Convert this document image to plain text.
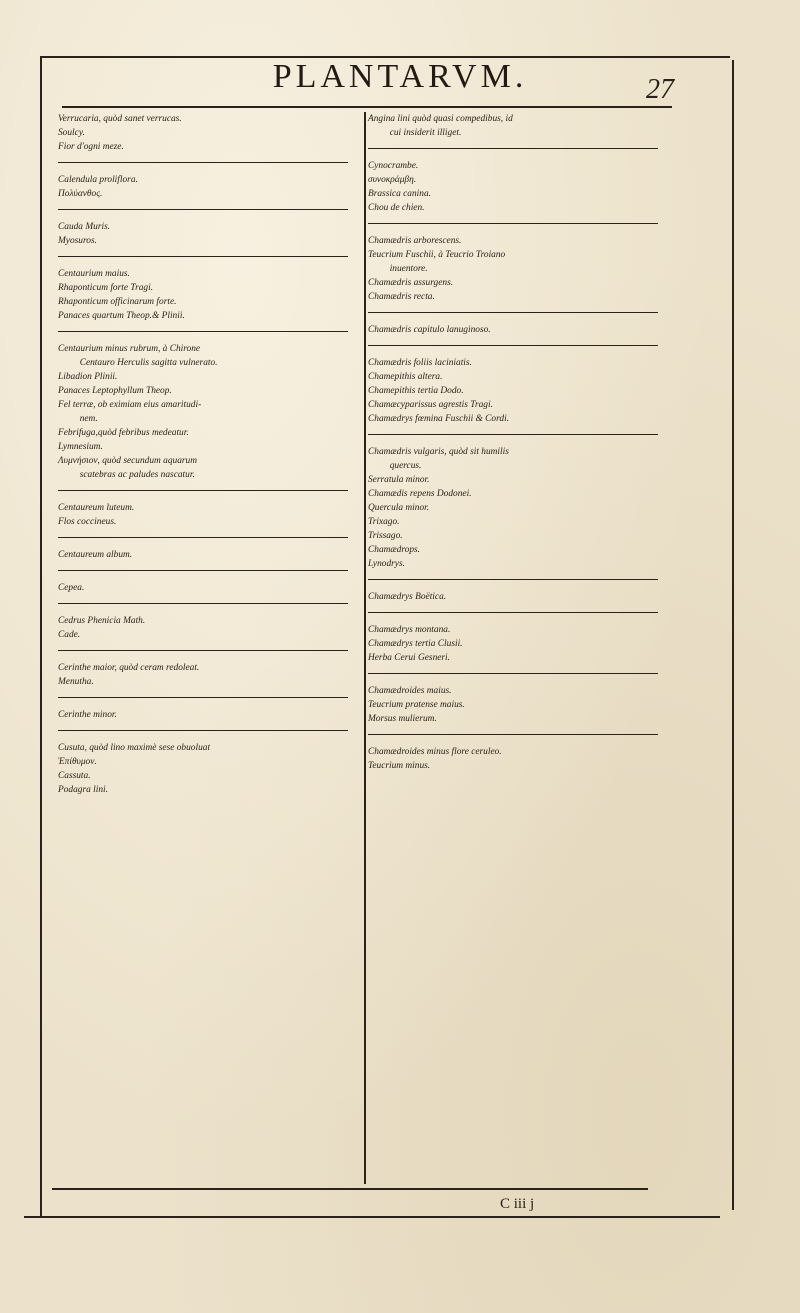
PLANTARVM.	27
Verrucaria, quòd sanet verrucas.
Soulcy.
Fior d'ogni meze.
Calendula proliflora.
Πολύανθος.
Cauda Muris.
Myosuros.
Centaurium maius.
Rhaponticum forte Tragi.
Rhaponticum officinarum forte.
Panaces quartum Theop.& Plinii.
Centaurium minus rubrum, à Chirone
Centauro Herculis sagitta vulnerato.
Libadion Plinii.
Panaces Leptophyllum Theop.
Fel terræ, ob eximiam eius amaritudi-
nem.
Febrifuga,quòd febribus medeatur.
Lymnesium.
Λυμνήσιον, quòd secundum aquarum
scatebras ac paludes nascatur.
Centaureum luteum.
Flos coccineus.
Centaureum album.
Cepea.
Cedrus Phenicia Math.
Cade.
Cerinthe maior, quòd ceram redoleat.
Menutha.
Cerinthe minor.
Cusuta, quòd lino maximè sese obuoluat
Ἐπίθυμον.
Cassuta.
Podagra lini.
Angina lini quòd quasi compedibus, id
cui insiderit illiget.
Cynocrambe.
συνοκράμβη.
Brassica canina.
Chou de chien.
Chamædris arborescens.
Teucrium Fuschii, à Teucrio Troiano
inuentore.
Chamædris assurgens.
Chamædris recta.
Chamædris capitulo lanuginoso.
Chamædris foliis laciniatis.
Chamepithis altera.
Chamepithis tertia Dodo.
Chamæcyparissus agrestis Tragi.
Chamædrys fœmina Fuschii & Cordi.
Chamædris vulgaris, quòd sit humilis
quercus.
Serratula minor.
Chamædis repens Dodonei.
Quercula minor.
Trixago.
Trissago.
Chamædrops.
Lynodrys.
Chamædrys Boëtica.
Chamædrys montana.
Chamædrys tertia Clusii.
Herba Cerui Gesneri.
Chamædroides maius.
Teucrium pratense maius.
Morsus mulierum.
Chamædroides minus flore ceruleo.
Teucrium minus.
C iii j
